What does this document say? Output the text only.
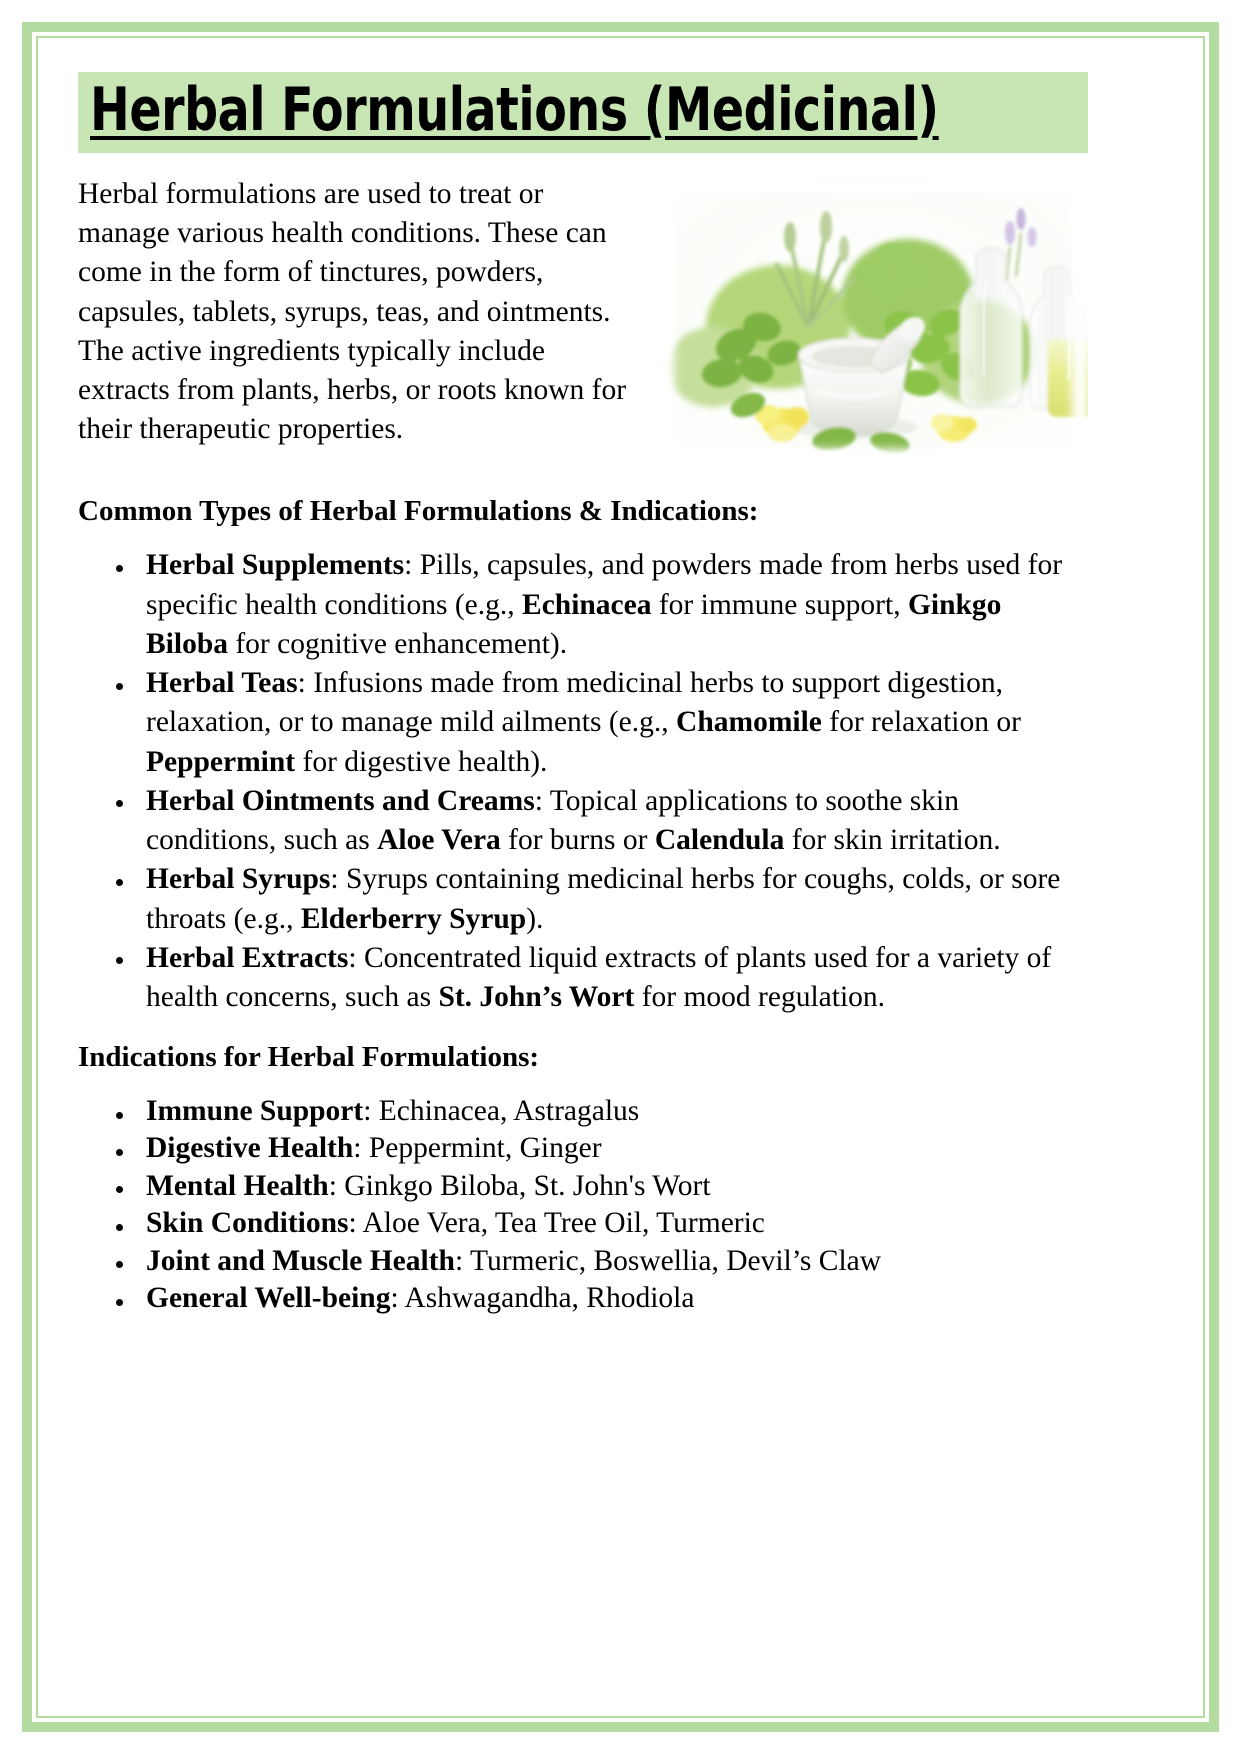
Herbal Formulations (Medicinal)

Herbal formulations are used to treat or manage various health conditions. These can come in the form of tinctures, powders, capsules, tablets, syrups, teas, and ointments. The active ingredients typically include extracts from plants, herbs, or roots known for their therapeutic properties.

Common Types of Herbal Formulations & Indications:
Herbal Supplements: Pills, capsules, and powders made from herbs used for specific health conditions (e.g., Echinacea for immune support, Ginkgo Biloba for cognitive enhancement).
Herbal Teas: Infusions made from medicinal herbs to support digestion, relaxation, or to manage mild ailments (e.g., Chamomile for relaxation or Peppermint for digestive health).
Herbal Ointments and Creams: Topical applications to soothe skin conditions, such as Aloe Vera for burns or Calendula for skin irritation.
Herbal Syrups: Syrups containing medicinal herbs for coughs, colds, or sore throats (e.g., Elderberry Syrup).
Herbal Extracts: Concentrated liquid extracts of plants used for a variety of health concerns, such as St. John’s Wort for mood regulation.
Indications for Herbal Formulations:
Immune Support: Echinacea, Astragalus
Digestive Health: Peppermint, Ginger
Mental Health: Ginkgo Biloba, St. John's Wort
Skin Conditions: Aloe Vera, Tea Tree Oil, Turmeric
Joint and Muscle Health: Turmeric, Boswellia, Devil’s Claw
General Well-being: Ashwagandha, Rhodiola
